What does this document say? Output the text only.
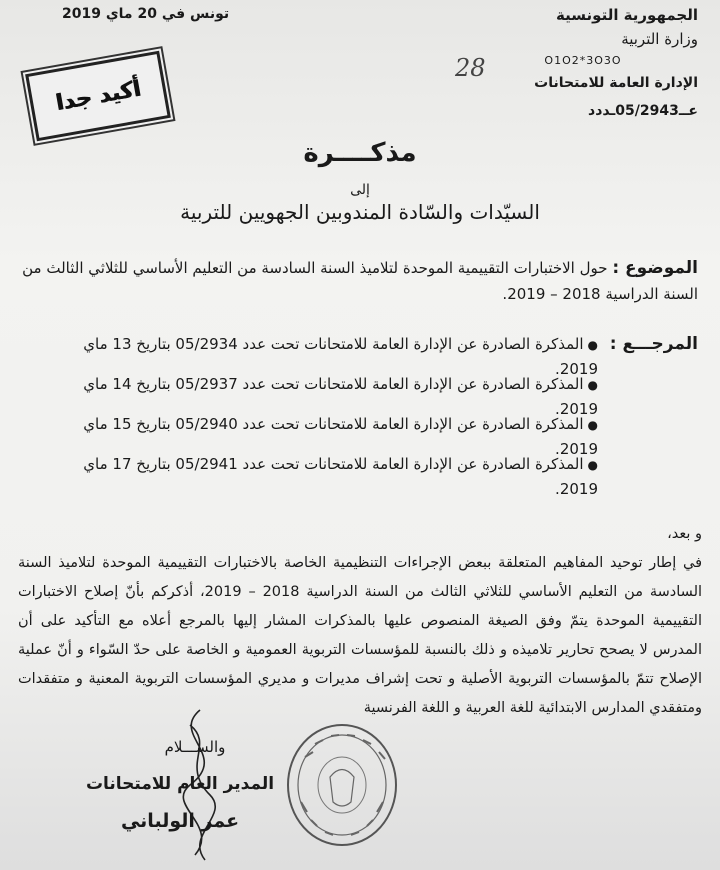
الجمهورية التونسية
وزارة التربية
O1O2*3O3O
الإدارة العامة للامتحانات
عــ05/2943ـددد
تونس في 20 ماي 2019
أكيد جدا
28
مذكــــرة
إلى
السيّدات والسّادة المندوبين الجهويين للتربية
الموضوع : حول الاختبارات التقييمية الموحدة لتلاميذ السنة السادسة من التعليم الأساسي للثلاثي الثالث من السنة الدراسية 2018 – 2019.
المرجـــع :
●المذكرة الصادرة عن الإدارة العامة للامتحانات تحت عدد 05/2934 بتاريخ 13 ماي 2019.
●المذكرة الصادرة عن الإدارة العامة للامتحانات تحت عدد 05/2937 بتاريخ 14 ماي 2019.
●المذكرة الصادرة عن الإدارة العامة للامتحانات تحت عدد 05/2940 بتاريخ 15 ماي 2019.
●المذكرة الصادرة عن الإدارة العامة للامتحانات تحت عدد 05/2941 بتاريخ 17 ماي 2019.
و بعد،
في إطار توحيد المفاهيم المتعلقة ببعض الإجراءات التنظيمية الخاصة بالاختبارات التقييمية الموحدة لتلاميذ السنة السادسة من التعليم الأساسي للثلاثي الثالث من السنة الدراسية 2018 – 2019، أذكركم بأنّ إصلاح الاختبارات التقييمية الموحدة يتمّ وفق الصيغة المنصوص عليها بالمذكرات المشار إليها بالمرجع أعلاه مع التأكيد على أن المدرس لا يصحح تحارير تلاميذه و ذلك بالنسبة للمؤسسات التربوية العمومية و الخاصة على حدّ السّواء و أنّ عملية الإصلاح تتمّ بالمؤسسات التربوية الأصلية و تحت إشراف مديرات و مديري المؤسسات التربوية المعنية و متفقدات ومتفقدي المدارس الابتدائية للغة العربية و اللغة الفرنسية
والســـلام
المدير العام للامتحانات
عمر الولباني
